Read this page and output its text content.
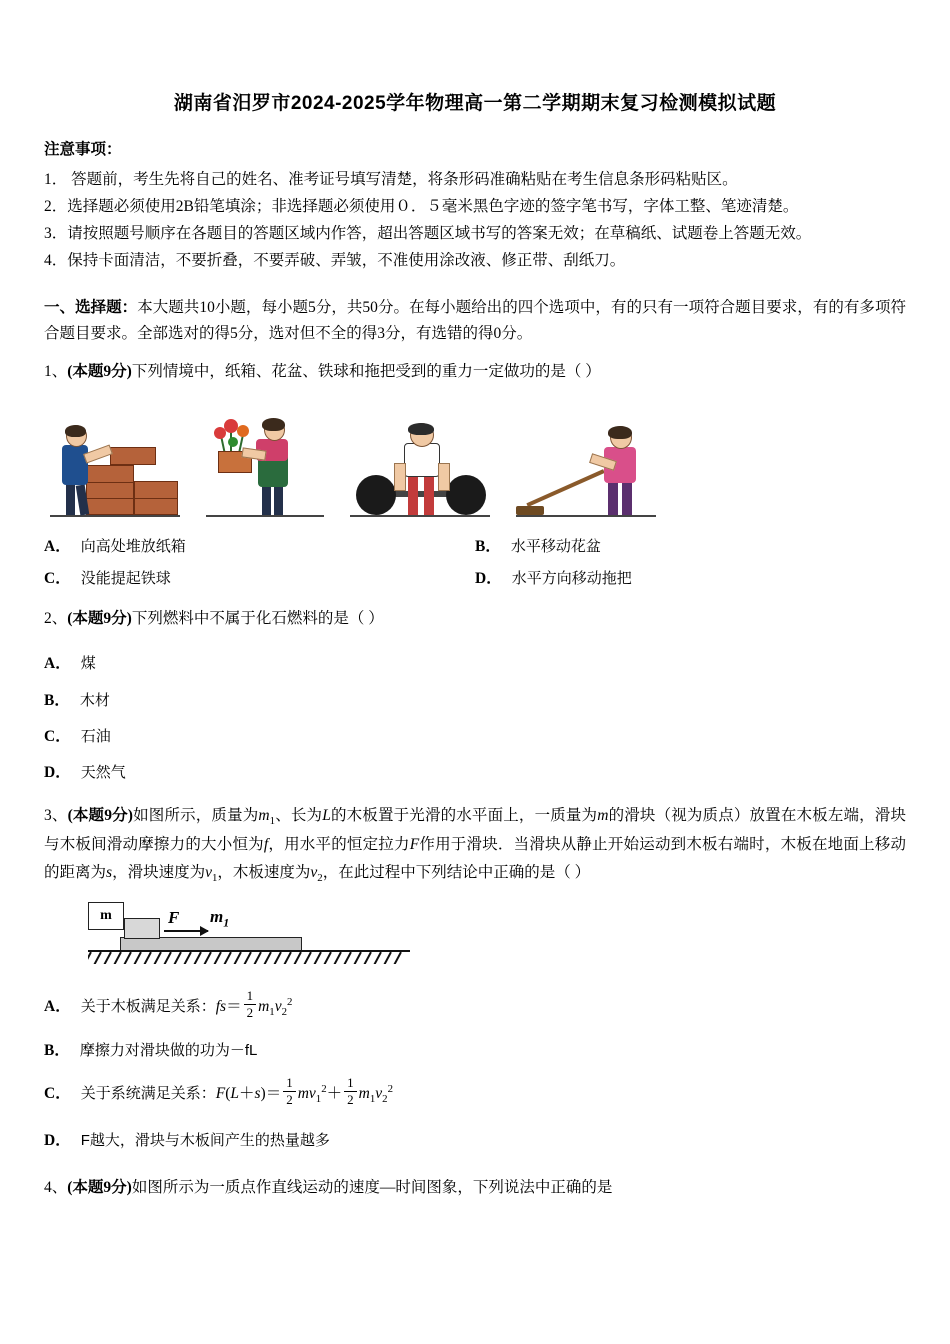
湖南省汨罗市2024-2025学年物理高一第二学期期末复习检测模拟试题
注意事项：
1． 答题前，考生先将自己的姓名、准考证号填写清楚，将条形码准确粘贴在考生信息条形码粘贴区。
2．选择题必须使用2B铅笔填涂；非选择题必须使用０．５毫米黑色字迹的签字笔书写，字体工整、笔迹清楚。
3．请按照题号顺序在各题目的答题区域内作答，超出答题区域书写的答案无效；在草稿纸、试题卷上答题无效。
4．保持卡面清洁，不要折叠，不要弄破、弄皱，不准使用涂改液、修正带、刮纸刀。
一、选择题：本大题共10小题，每小题5分，共50分。在每小题给出的四个选项中，有的只有一项符合题目要求，有的有多项符合题目要求。全部选对的得5分，选对但不全的得3分，有选错的得0分。
1、(本题9分)下列情境中，纸箱、花盆、铁球和拖把受到的重力一定做功的是（ ）
A． 向高处堆放纸箱	B． 水平移动花盆
C． 没能提起铁球	D． 水平方向移动拖把
2、(本题9分)下列燃料中不属于化石燃料的是（ ）
A． 煤
B． 木材
C． 石油
D． 天然气
3、(本题9分)如图所示，质量为$m_1$、长为L的木板置于光滑的水平面上，一质量为m的滑块（视为质点）放置在木板左端，滑块与木板间滑动摩擦力的大小恒为f，用水平的恒定拉力F作用于滑块．当滑块从静止开始运动到木板右端时，木板在地面上移动的距离为s，滑块速度为$v_1$，木板速度为$v_2$，在此过程中下列结论中正确的是（ ）
m	F $m_1$
A． 关于木板满足关系：$fs= \frac{1}{2} m_1v_2^2$
B． 摩擦力对滑块做的功为－fL
C． 关于系统满足关系：$F(L+s)= \frac{1}{2} mv_1^2+ \frac{1}{2} m_1v_2^2$
D． F越大，滑块与木板间产生的热量越多
4、(本题9分)如图所示为一质点作直线运动的速度—时间图象，下列说法中正确的是
